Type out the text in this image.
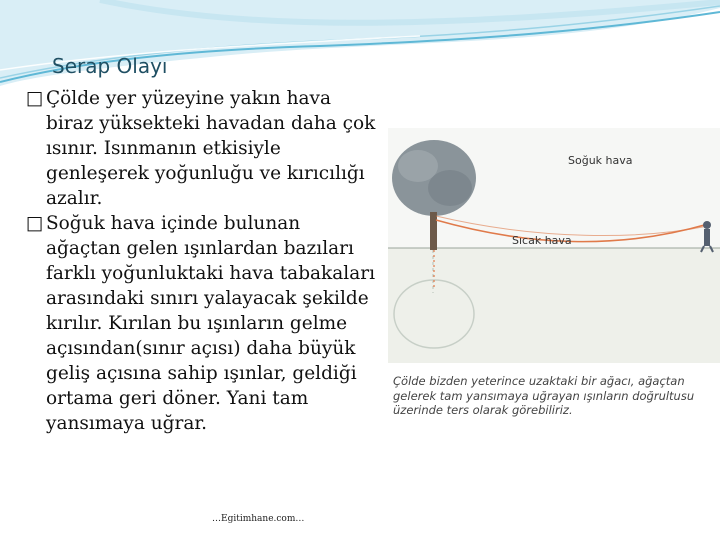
Serap Olayı

□ Çölde yer yüzeyine yakın hava biraz yüksekteki havadan daha çok ısınır. Isınmanın etkisiyle genleşerek yoğunluğu ve kırıcılığı azalır.

□ Soğuk hava içinde bulunan ağaçtan gelen ışınlardan bazıları farklı yoğunluktaki hava tabakaları arasındaki sınırı yalayacak şekilde kırılır. Kırılan bu ışınların gelme açısından(sınır açısı) daha büyük geliş açısına sahip ışınlar, geldiği ortama geri döner. Yani tam yansımaya uğrar.

Soğuk hava
Sıcak hava
Çölde bizden yeterince uzaktaki bir ağacı, ağaçtan gelerek tam yansımaya uğrayan ışınların doğrultusu üzerinde ters olarak görebiliriz.
…Egitimhane.com…
